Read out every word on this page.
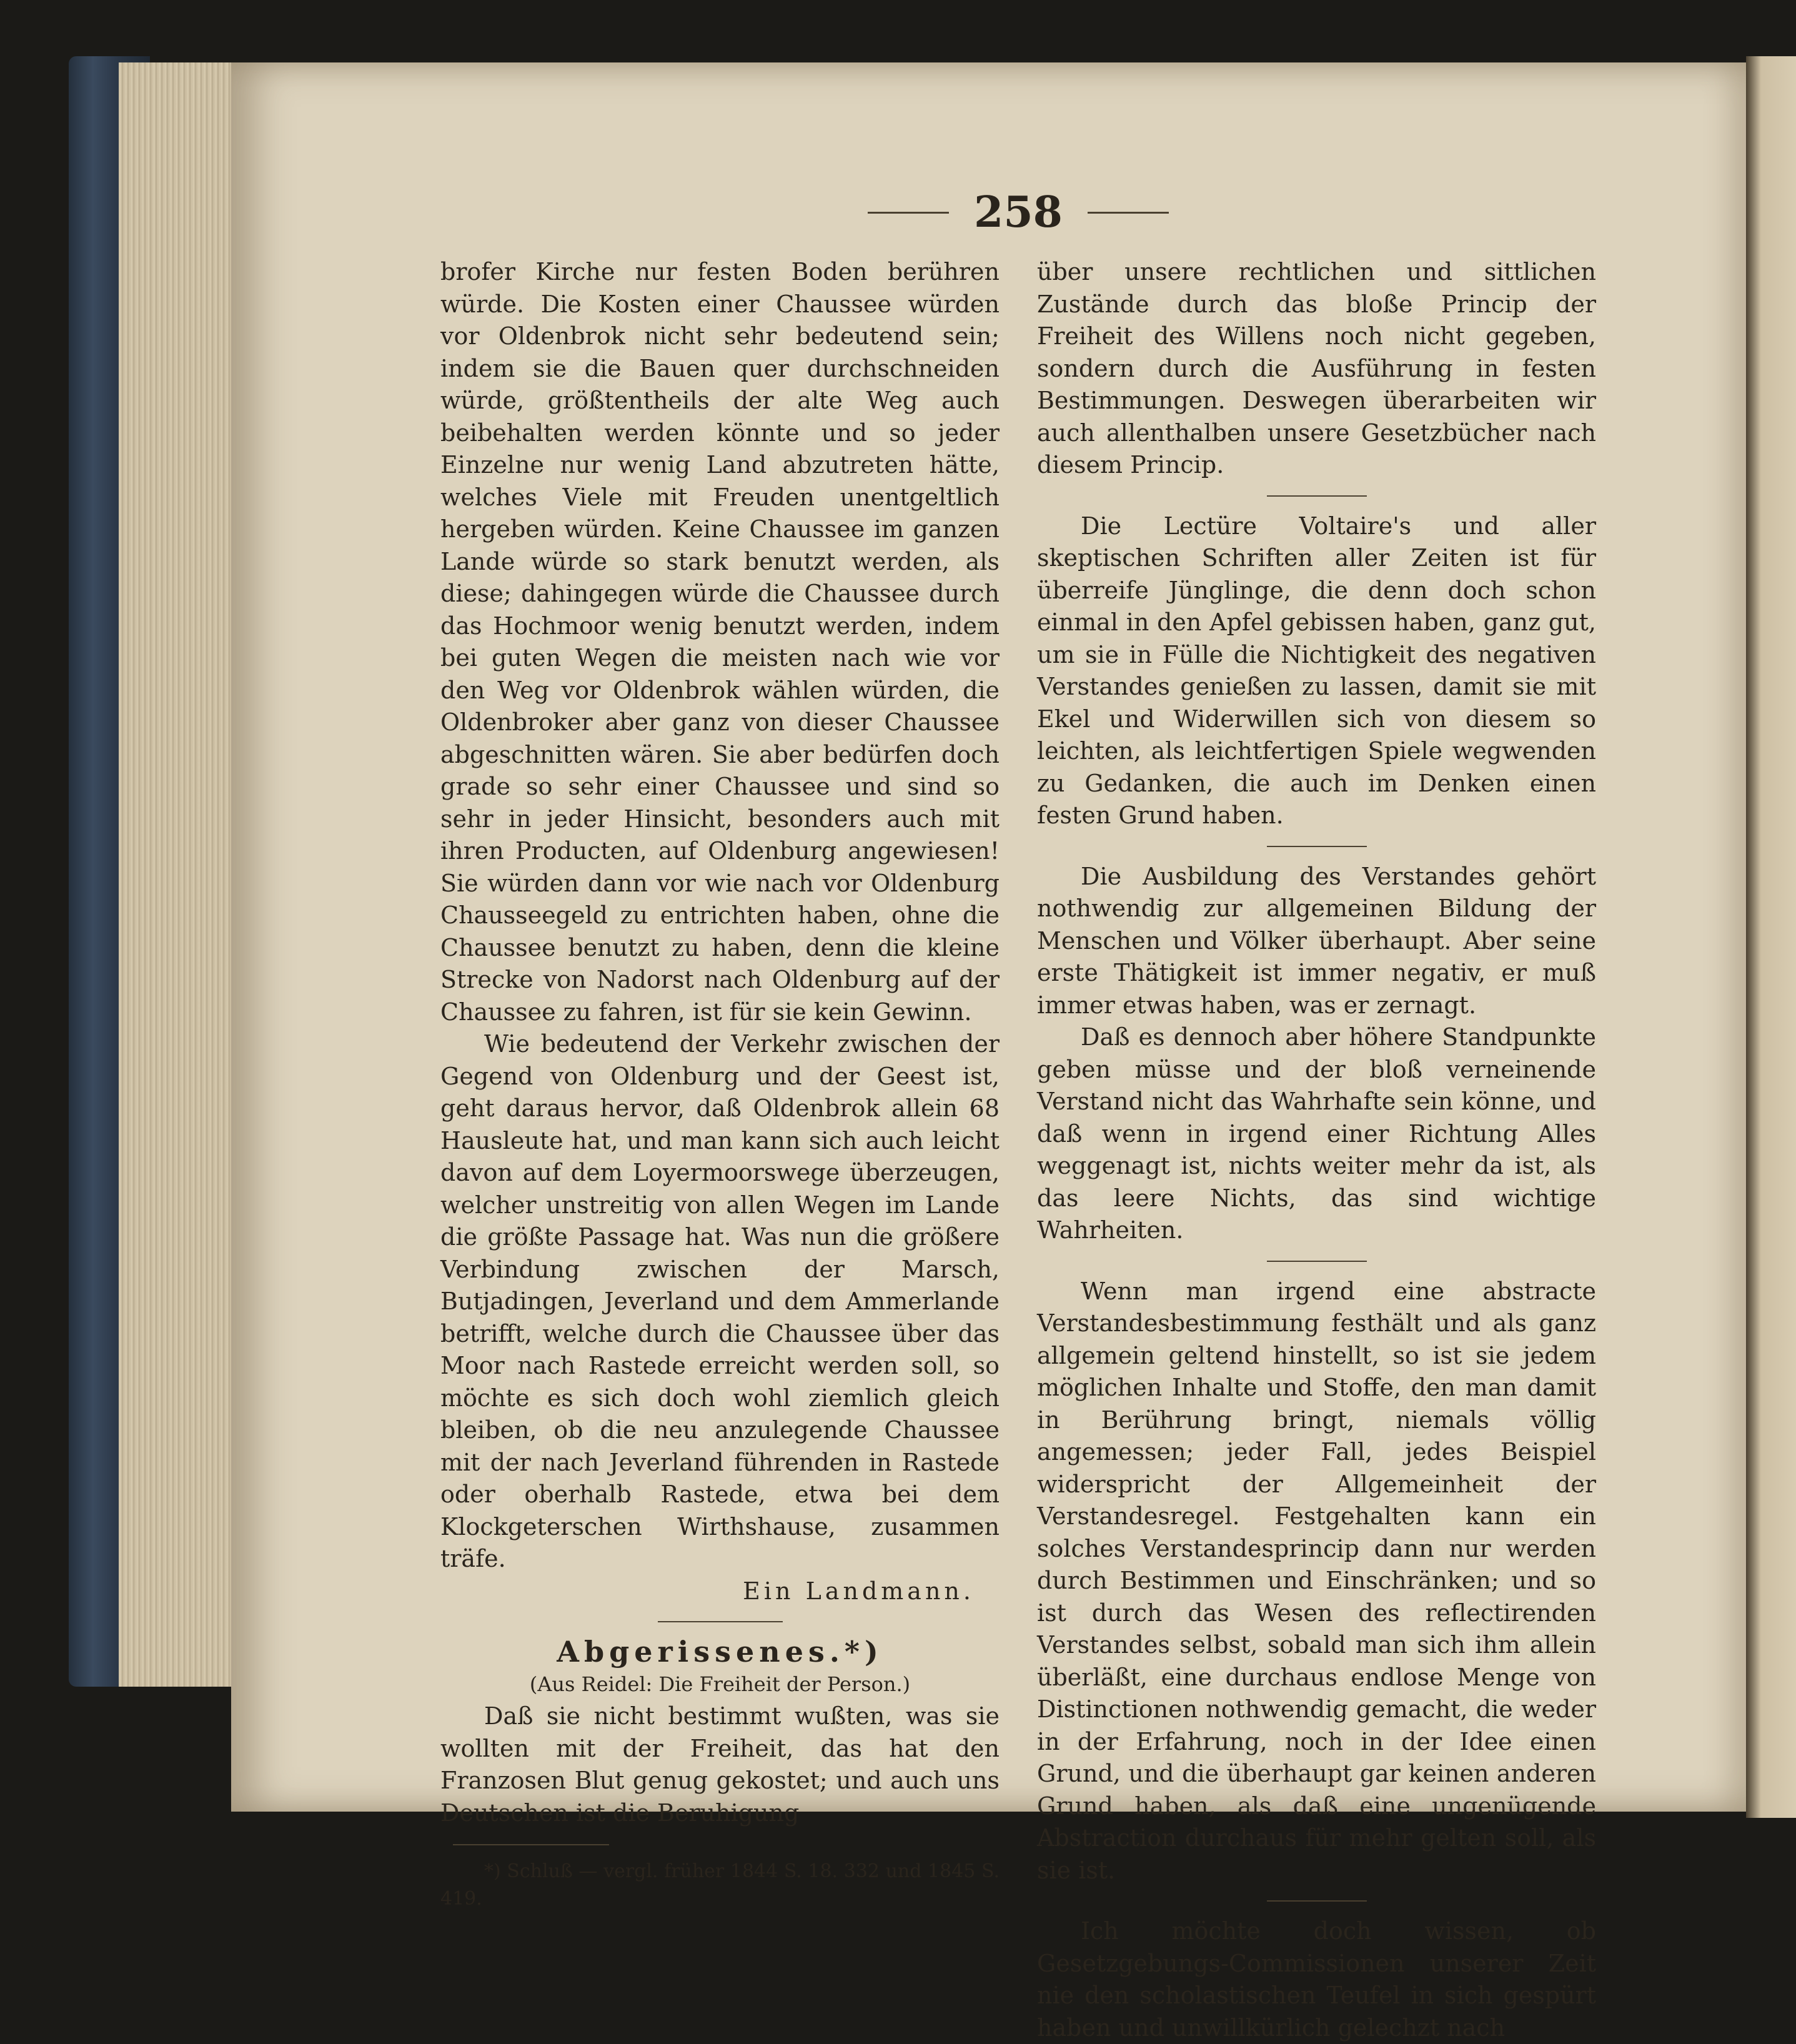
258

brofer Kirche nur festen Boden berühren würde. Die Kosten einer Chaussee würden vor Oldenbrok nicht sehr bedeutend sein; indem sie die Bauen quer durchschneiden würde, größtentheils der alte Weg auch beibehalten werden könnte und so jeder Einzelne nur wenig Land abzutreten hätte, welches Viele mit Freuden unentgeltlich hergeben würden. Keine Chaussee im ganzen Lande würde so stark benutzt werden, als diese; dahingegen würde die Chaussee durch das Hochmoor wenig benutzt werden, indem bei guten Wegen die meisten nach wie vor den Weg vor Oldenbrok wählen würden, die Oldenbroker aber ganz von dieser Chaussee abgeschnitten wären. Sie aber bedürfen doch grade so sehr einer Chaussee und sind so sehr in jeder Hinsicht, besonders auch mit ihren Producten, auf Oldenburg angewiesen! Sie würden dann vor wie nach vor Oldenburg Chausseegeld zu entrichten haben, ohne die Chaussee benutzt zu haben, denn die kleine Strecke von Nadorst nach Oldenburg auf der Chaussee zu fahren, ist für sie kein Gewinn.

Wie bedeutend der Verkehr zwischen der Gegend von Oldenburg und der Geest ist, geht daraus hervor, daß Oldenbrok allein 68 Hausleute hat, und man kann sich auch leicht davon auf dem Loyermoorswege überzeugen, welcher unstreitig von allen Wegen im Lande die größte Passage hat. Was nun die größere Verbindung zwischen der Marsch, Butjadingen, Jeverland und dem Ammerlande betrifft, welche durch die Chaussee über das Moor nach Rastede erreicht werden soll, so möchte es sich doch wohl ziemlich gleich bleiben, ob die neu anzulegende Chaussee mit der nach Jeverland führenden in Rastede oder oberhalb Rastede, etwa bei dem Klockgeterschen Wirthshause, zusammen träfe.

Ein Landmann.

Abgerissenes.*)

(Aus Reidel: Die Freiheit der Person.)

Daß sie nicht bestimmt wußten, was sie wollten mit der Freiheit, das hat den Franzosen Blut genug gekostet; und auch uns Deutschen ist die Beruhigung

*) Schluß — vergl. früher 1844 S. 18. 332 und 1845 S. 419.

über unsere rechtlichen und sittlichen Zustände durch das bloße Princip der Freiheit des Willens noch nicht gegeben, sondern durch die Ausführung in festen Bestimmungen. Deswegen überarbeiten wir auch allenthalben unsere Gesetzbücher nach diesem Princip.

Die Lectüre Voltaire's und aller skeptischen Schriften aller Zeiten ist für überreife Jünglinge, die denn doch schon einmal in den Apfel gebissen haben, ganz gut, um sie in Fülle die Nichtigkeit des negativen Verstandes genießen zu lassen, damit sie mit Ekel und Widerwillen sich von diesem so leichten, als leichtfertigen Spiele wegwenden zu Gedanken, die auch im Denken einen festen Grund haben.

Die Ausbildung des Verstandes gehört nothwendig zur allgemeinen Bildung der Menschen und Völker überhaupt. Aber seine erste Thätigkeit ist immer negativ, er muß immer etwas haben, was er zernagt.

Daß es dennoch aber höhere Standpunkte geben müsse und der bloß verneinende Verstand nicht das Wahrhafte sein könne, und daß wenn in irgend einer Richtung Alles weggenagt ist, nichts weiter mehr da ist, als das leere Nichts, das sind wichtige Wahrheiten.

Wenn man irgend eine abstracte Verstandesbestimmung festhält und als ganz allgemein geltend hinstellt, so ist sie jedem möglichen Inhalte und Stoffe, den man damit in Berührung bringt, niemals völlig angemessen; jeder Fall, jedes Beispiel widerspricht der Allgemeinheit der Verstandesregel. Festgehalten kann ein solches Verstandesprincip dann nur werden durch Bestimmen und Einschränken; und so ist durch das Wesen des reflectirenden Verstandes selbst, sobald man sich ihm allein überläßt, eine durchaus endlose Menge von Distinctionen nothwendig gemacht, die weder in der Erfahrung, noch in der Idee einen Grund, und die überhaupt gar keinen anderen Grund haben, als daß eine ungenügende Abstraction durchaus für mehr gelten soll, als sie ist.

Ich möchte doch wissen, ob Gesetzgebungs-Commissionen unserer Zeit nie den scholastischen Teufel in sich gespürt haben und unwillkürlich gelechzt nach
